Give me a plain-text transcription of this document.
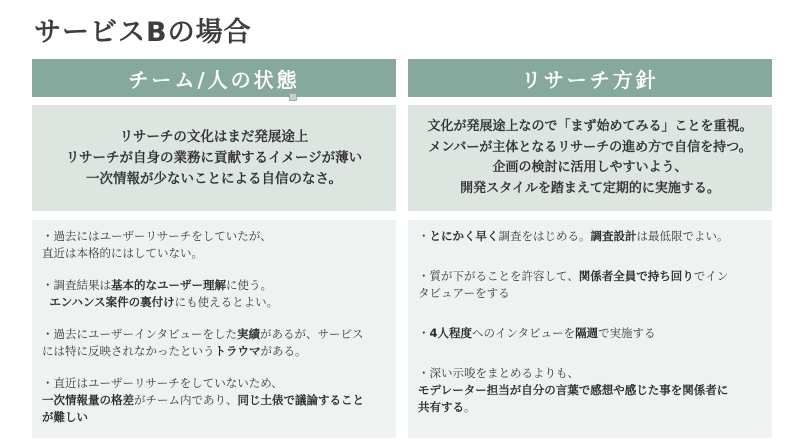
サービスBの場合
チーム/人の状態
リサーチの文化はまだ発展途上
リサーチが自身の業務に貢献するイメージが薄い
一次情報が少ないことによる自信のなさ。
・過去にはユーザーリサーチをしていたが、
直近は本格的にはしていない。
・調査結果は基本的なユーザー理解に使う。
エンハンス案件の裏付けにも使えるとよい。
・過去にユーザーインタビューをした実績があるが、サービス
には特に反映されなかったというトラウマがある。
・直近はユーザーリサーチをしていないため、
一次情報量の格差がチーム内であり、同じ土俵で議論すること
が難しい
リサーチ方針
文化が発展途上なので「まず始めてみる」ことを重視。
メンバーが主体となるリサーチの進め方で自信を持つ。
企画の検討に活用しやすいよう、
開発スタイルを踏まえて定期的に実施する。
・とにかく早く調査をはじめる。調査設計は最低限でよい。
・質が下がることを許容して、関係者全員で持ち回りでイン
タビュアーをする
・4人程度へのインタビューを隔週で実施する
・深い示唆をまとめるよりも、
モデレーター担当が自分の言葉で感想や感じた事を関係者に
共有する。
